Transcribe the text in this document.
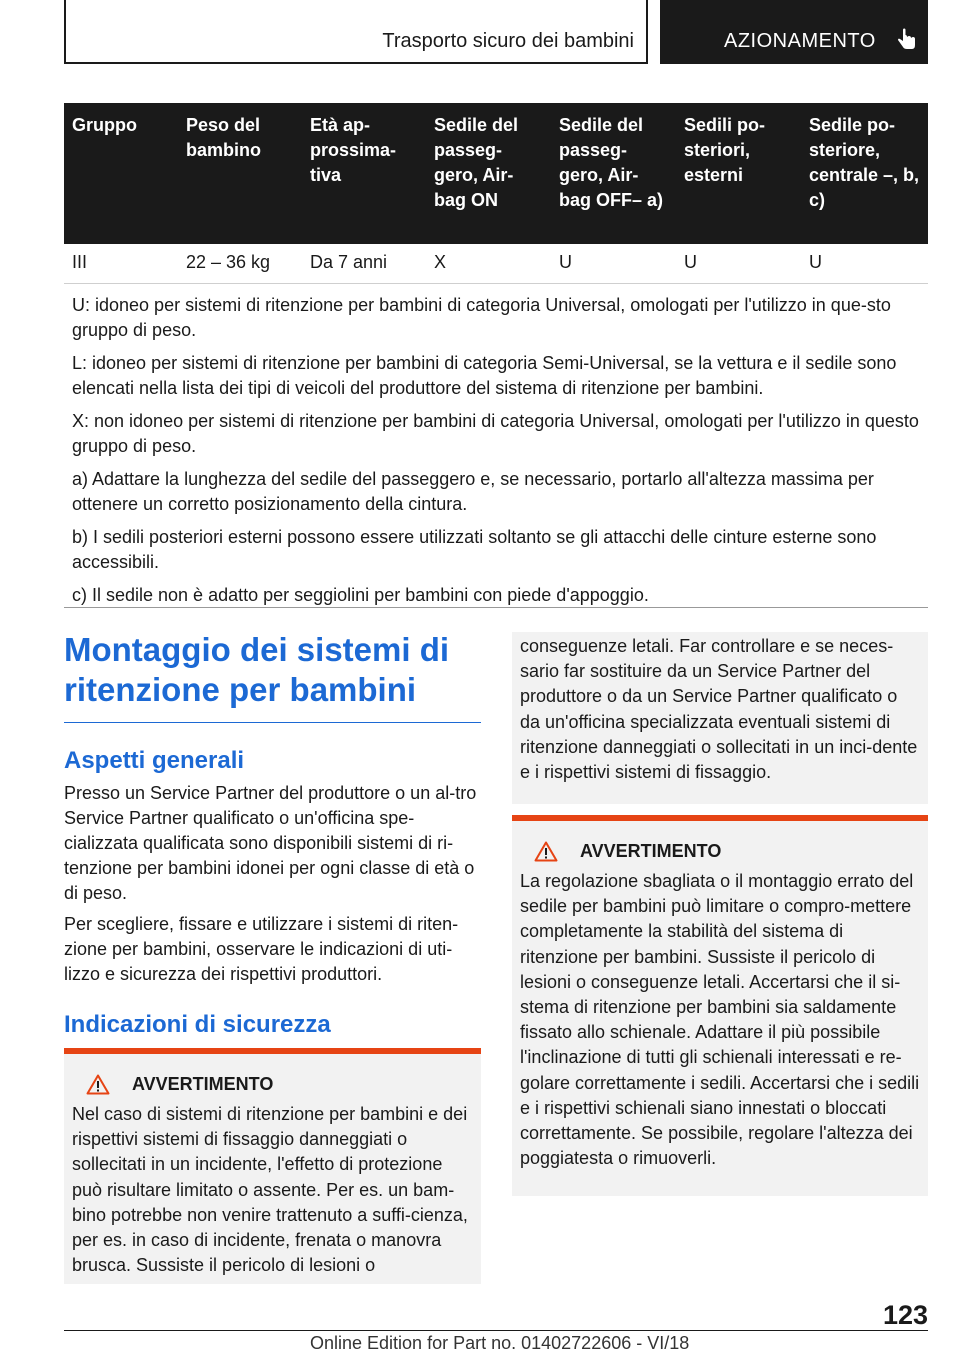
Trasporto sicuro dei bambini	AZIONAMENTO
Gruppo	Peso del bambino	Età ap-prossima-tiva	Sedile del passeg-gero, Air-bag ON	Sedile del passeg-gero, Air-bag OFF– a)	Sedili po-steriori, esterni	Sedile po-steriore, centrale –, b, c)
III	22 – 36 kg	Da 7 anni	X	U	U	U

U: idoneo per sistemi di ritenzione per bambini di categoria Universal, omologati per l'utilizzo in que-sto gruppo di peso.

L: idoneo per sistemi di ritenzione per bambini di categoria Semi-Universal, se la vettura e il sedile sono elencati nella lista dei tipi di veicoli del produttore del sistema di ritenzione per bambini.

X: non idoneo per sistemi di ritenzione per bambini di categoria Universal, omologati per l'utilizzo in questo gruppo di peso.

a) Adattare la lunghezza del sedile del passeggero e, se necessario, portarlo all'altezza massima per ottenere un corretto posizionamento della cintura.

b) I sedili posteriori esterni possono essere utilizzati soltanto se gli attacchi delle cinture esterne sono accessibili.

c) Il sedile non è adatto per seggiolini per bambini con piede d'appoggio.

Montaggio dei sistemi di ritenzione per bambini
Aspetti generali

Presso un Service Partner del produttore o un al-tro Service Partner qualificato o un'officina spe-cializzata qualificata sono disponibili sistemi di ri-tenzione per bambini idonei per ogni classe di età o di peso.

Per scegliere, fissare e utilizzare i sistemi di riten-zione per bambini, osservare le indicazioni di uti-lizzo e sicurezza dei rispettivi produttori.

Indicazioni di sicurezza
AVVERTIMENTO

Nel caso di sistemi di ritenzione per bambini e dei rispettivi sistemi di fissaggio danneggiati o sollecitati in un incidente, l'effetto di protezione può risultare limitato o assente. Per es. un bam-bino potrebbe non venire trattenuto a suffi-cienza, per es. in caso di incidente, frenata o manovra brusca. Sussiste il pericolo di lesioni o

conseguenze letali. Far controllare e se neces-sario far sostituire da un Service Partner del produttore o da un Service Partner qualificato o da un'officina specializzata eventuali sistemi di ritenzione danneggiati o sollecitati in un inci-dente e i rispettivi sistemi di fissaggio.

AVVERTIMENTO

La regolazione sbagliata o il montaggio errato del sedile per bambini può limitare o compro-mettere completamente la stabilità del sistema di ritenzione per bambini. Sussiste il pericolo di lesioni o conseguenze letali. Accertarsi che il si-stema di ritenzione per bambini sia saldamente fissato allo schienale. Adattare il più possibile l'inclinazione di tutti gli schienali interessati e re-golare correttamente i sedili. Accertarsi che i sedili e i rispettivi schienali siano innestati o bloccati correttamente. Se possibile, regolare l'altezza dei poggiatesta o rimuoverli.

123
Online Edition for Part no. 01402722606 - VI/18
